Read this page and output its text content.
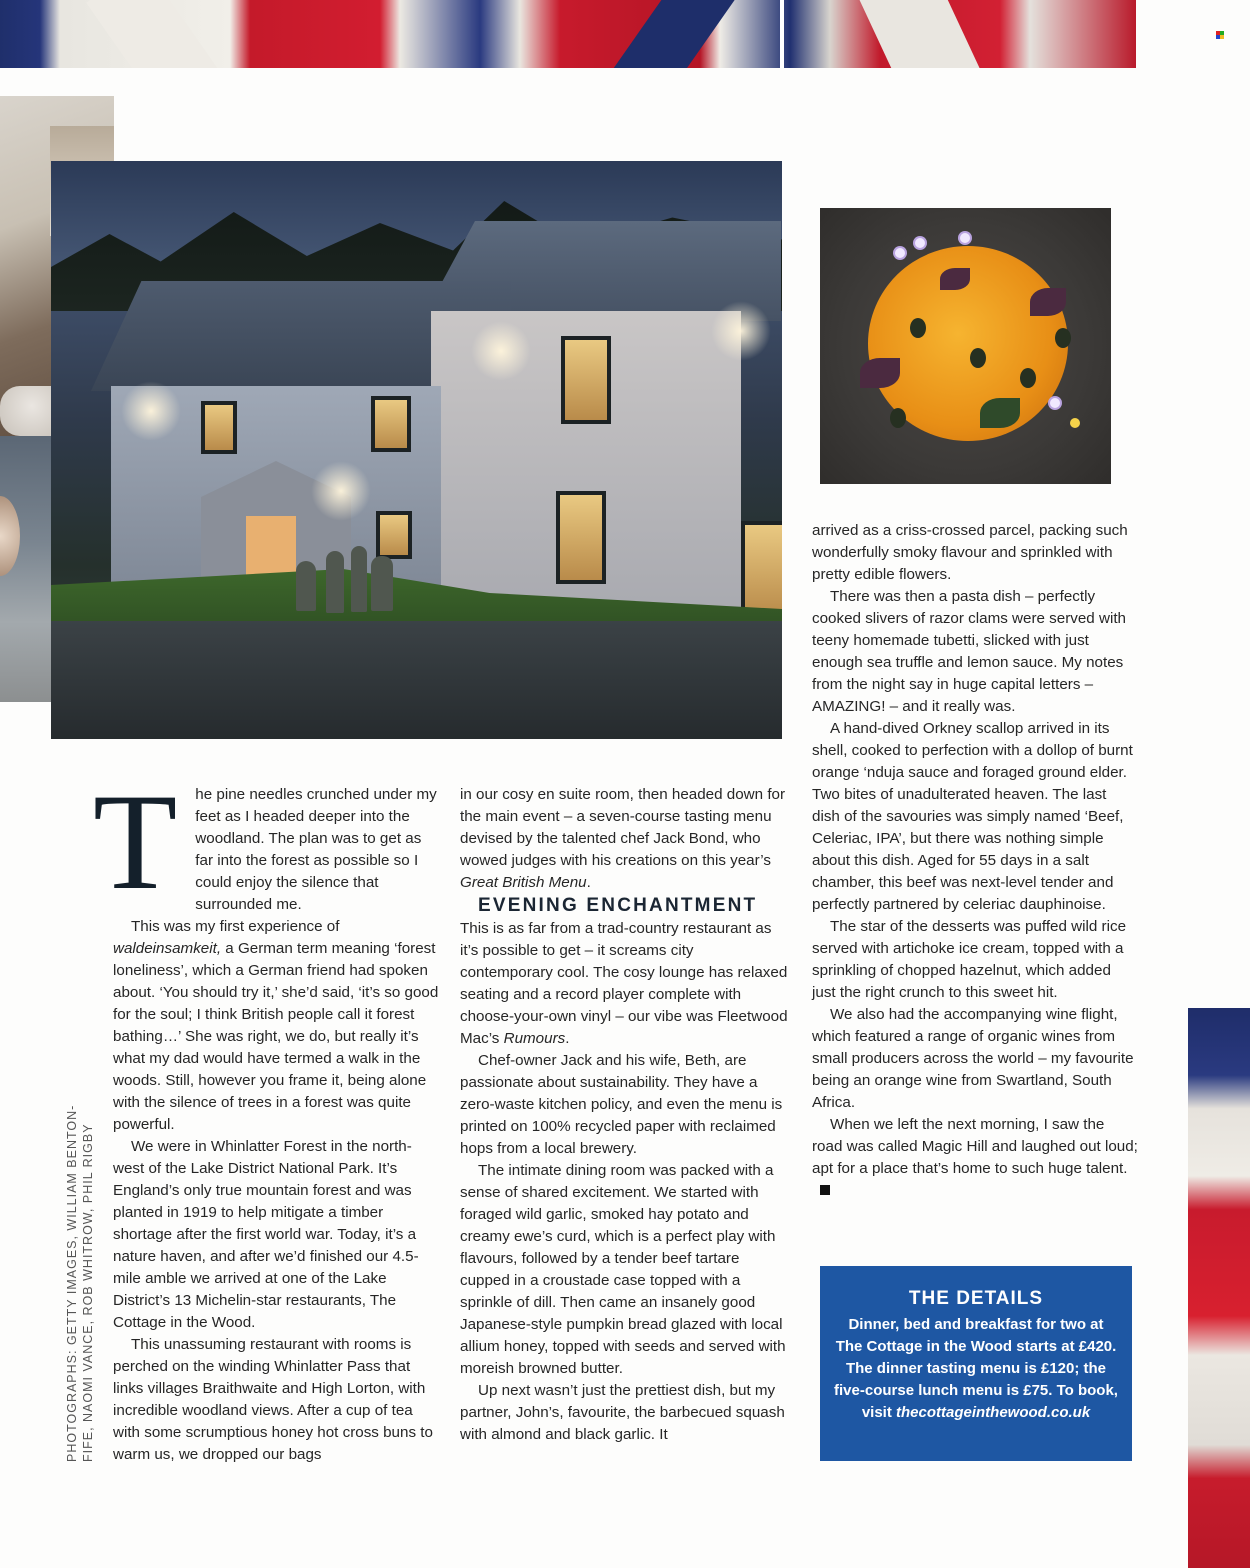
PHOTOGRAPHS: GETTY IMAGES, WILLIAM BENTON-FIFE, NAOMI VANCE, ROB WHITROW, PHIL RIGBY
T	he pine needles crunched under my feet as I headed deeper into the woodland. The plan was to get as far into the forest as possible so I could enjoy the silence that surrounded me.

This was my first experience of waldeinsamkeit, a German term meaning ‘forest loneliness’, which a German friend had spoken about. ‘You should try it,’ she’d said, ‘it’s so good for the soul; I think British people call it forest bathing…’ She was right, we do, but really it’s what my dad would have termed a walk in the woods. Still, however you frame it, being alone with the silence of trees in a forest was quite powerful.

We were in Whinlatter Forest in the north-west of the Lake District National Park. It’s England’s only true mountain forest and was planted in 1919 to help mitigate a timber shortage after the first world war. Today, it’s a nature haven, and after we’d finished our 4.5-mile amble we arrived at one of the Lake District’s 13 Michelin-star restaurants, The Cottage in the Wood.

This unassuming restaurant with rooms is perched on the winding Whinlatter Pass that links villages Braithwaite and High Lorton, with incredible woodland views. After a cup of tea with some scrumptious honey hot cross buns to warm us, we dropped our bags

in our cosy en suite room, then headed down for the main event – a seven-course tasting menu devised by the talented chef Jack Bond, who wowed judges with his creations on this year’s Great British Menu.

EVENING ENCHANTMENT

This is as far from a trad-country restaurant as it’s possible to get – it screams city contemporary cool. The cosy lounge has relaxed seating and a record player complete with choose-your-own vinyl – our vibe was Fleetwood Mac’s Rumours.

Chef-owner Jack and his wife, Beth, are passionate about sustainability. They have a zero-waste kitchen policy, and even the menu is printed on 100% recycled paper with reclaimed hops from a local brewery.

The intimate dining room was packed with a sense of shared excitement. We started with foraged wild garlic, smoked hay potato and creamy ewe’s curd, which is a perfect play with flavours, followed by a tender beef tartare cupped in a croustade case topped with a sprinkle of dill. Then came an insanely good Japanese-style pumpkin bread glazed with local allium honey, topped with seeds and served with moreish browned butter.

Up next wasn’t just the prettiest dish, but my partner, John’s, favourite, the barbecued squash with almond and black garlic. It

arrived as a criss-crossed parcel, packing such wonderfully smoky flavour and sprinkled with pretty edible flowers.

There was then a pasta dish – perfectly cooked slivers of razor clams were served with teeny homemade tubetti, slicked with just enough sea truffle and lemon sauce. My notes from the night say in huge capital letters – AMAZING! – and it really was.

A hand-dived Orkney scallop arrived in its shell, cooked to perfection with a dollop of burnt orange ‘nduja sauce and foraged ground elder. Two bites of unadulterated heaven. The last dish of the savouries was simply named ‘Beef, Celeriac, IPA’, but there was nothing simple about this dish. Aged for 55 days in a salt chamber, this beef was next-level tender and perfectly partnered by celeriac dauphinoise.

The star of the desserts was puffed wild rice served with artichoke ice cream, topped with a sprinkling of chopped hazelnut, which added just the right crunch to this sweet hit.

We also had the accompanying wine flight, which featured a range of organic wines from small producers across the world – my favourite being an orange wine from Swartland, South Africa.

When we left the next morning, I saw the road was called Magic Hill and laughed out loud; apt for a place that’s home to such huge talent.

THE DETAILS
Dinner, bed and breakfast for two at The Cottage in the Wood starts at £420. The dinner tasting menu is £120; the five-course lunch menu is £75. To book, visit thecottageinthewood.co.uk
